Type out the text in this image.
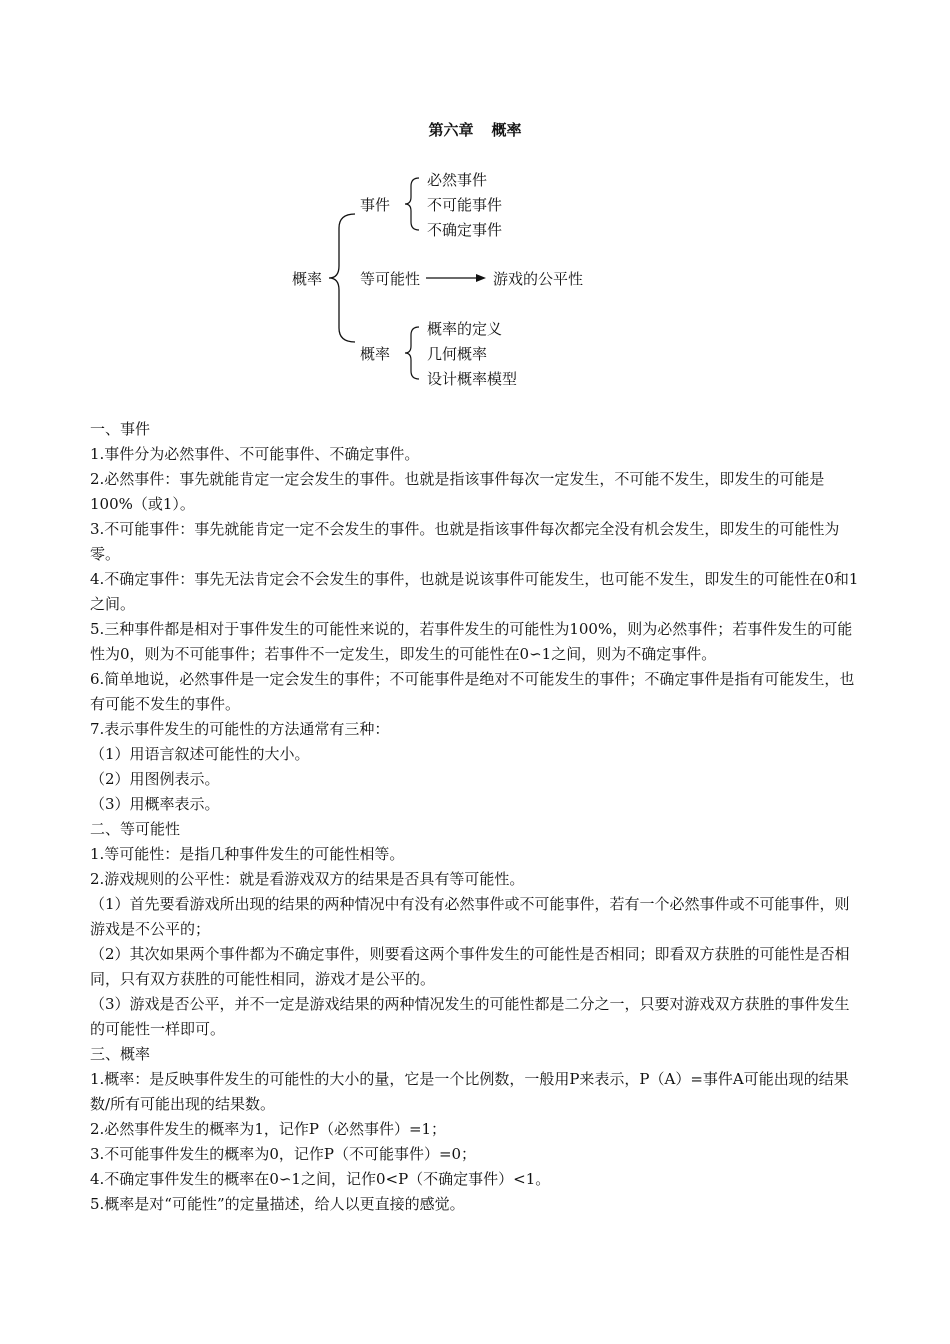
第六章 概率
概率
事件
必然事件
不可能事件
不确定事件
等可能性	游戏的公平性
概率
概率的定义
几何概率
设计概率模型

一、事件

1.事件分为必然事件、不可能事件、不确定事件。

2.必然事件：事先就能肯定一定会发生的事件。也就是指该事件每次一定发生，不可能不发生，即发生的可能是100%（或1）。

3.不可能事件：事先就能肯定一定不会发生的事件。也就是指该事件每次都完全没有机会发生，即发生的可能性为零。

4.不确定事件：事先无法肯定会不会发生的事件，也就是说该事件可能发生，也可能不发生，即发生的可能性在0和1之间。

5.三种事件都是相对于事件发生的可能性来说的，若事件发生的可能性为100%，则为必然事件；若事件发生的可能性为0，则为不可能事件；若事件不一定发生，即发生的可能性在0∽1之间，则为不确定事件。

6.简单地说，必然事件是一定会发生的事件；不可能事件是绝对不可能发生的事件；不确定事件是指有可能发生，也有可能不发生的事件。

7.表示事件发生的可能性的方法通常有三种：

（1）用语言叙述可能性的大小。

（2）用图例表示。

（3）用概率表示。

二、等可能性

1.等可能性：是指几种事件发生的可能性相等。

2.游戏规则的公平性：就是看游戏双方的结果是否具有等可能性。

（1）首先要看游戏所出现的结果的两种情况中有没有必然事件或不可能事件，若有一个必然事件或不可能事件，则游戏是不公平的；

（2）其次如果两个事件都为不确定事件，则要看这两个事件发生的可能性是否相同；即看双方获胜的可能性是否相同，只有双方获胜的可能性相同，游戏才是公平的。

（3）游戏是否公平，并不一定是游戏结果的两种情况发生的可能性都是二分之一，只要对游戏双方获胜的事件发生的可能性一样即可。

三、概率

1.概率：是反映事件发生的可能性的大小的量，它是一个比例数，一般用P来表示，P（A）=事件A可能出现的结果数/所有可能出现的结果数。

2.必然事件发生的概率为1，记作P（必然事件）=1；

3.不可能事件发生的概率为0，记作P（不可能事件）=0；

4.不确定事件发生的概率在0∽1之间，记作0<P（不确定事件）<1。

5.概率是对“可能性”的定量描述，给人以更直接的感觉。
